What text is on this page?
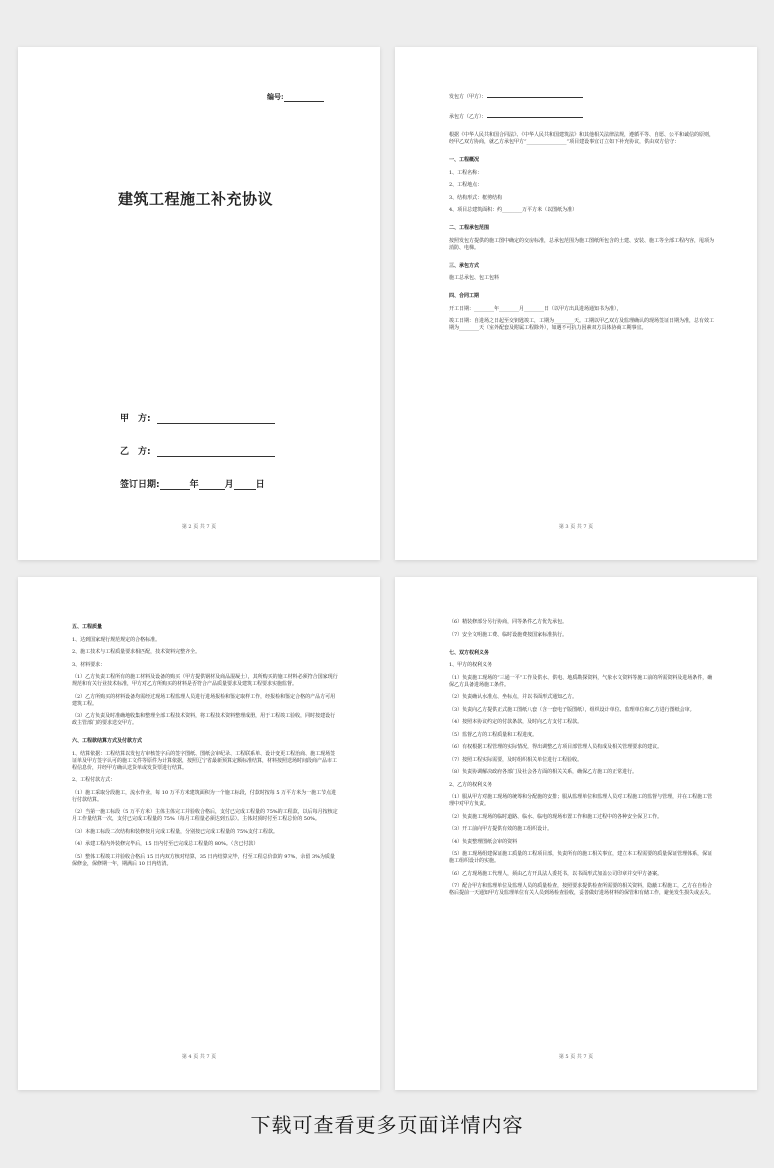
编号:
建筑工程施工补充协议
甲　方:
乙　方:
签订日期:	年	月 日
第 2 页 共 7 页

发包方（甲方）：

承包方（乙方）：

根据《中华人民共和国合同法》、《中华人民共和国建筑法》和其他相关法律法规，遵循平等、自愿、公平和诚信的原则，经甲乙双方协商，就乙方承包甲方“________________”项目建设事宜订立如下补充协议，供由双方信守：

一、工程概况

1、工程名称：

2、工程地点：

3、结构形式：框剪结构

4、项目总建筑面积：约________万平方米（以图纸为准）

二、工程承包范围

按照发包方提供的施工图中确定的交房标准，总承包范围为施工图纸所包含的土建、安装、施工等全部工程内容，甩项为消防、电梯。

三、承包方式

施工总承包、包工包料

四、合同工期

开工日期：________年________月________日（以甲方出具进场通知书为准），

竣工日期：自进场之日起至交钥匙竣工，工期为________天。工期以甲乙双方及监理确认的现场签证日期为准，总有效工期为________天（室外配套及附属工程除外），如遇不可抗力因素双方具体协商工期事宜。

第 3 页 共 7 页

五、工程质量

1、达到国家现行规范规定的合格标准。

2、施工技术与工程质量要求相匹配，技术资料完整齐全。

3、材料要求：

（1）乙方负责工程所有的施工材料及设备的购买（甲方提供钢材及商品混凝土），其所购买的施工材料必须符合国家现行规范和有关行业技术标准，甲方对乙方所购买的材料是否符合产品质量要求及建筑工程要求实施监督。

（2）乙方所购买的材料设备均需经过现场工程监理人员进行进场报检和鉴定取样工作，经报检和鉴定合格的产品方可用建筑工程。

（3）乙方负责及时准确地收集和整理全部工程技术资料，将工程技术资料整理成册，用于工程竣工验收，同时按建设行政主管部门的要求送交甲方。

六、工程款结算方式及付款方式

1、结算依据：工程结算以发包方审核签字后的签字图纸、图纸会审纪录、工程联系单、设计变更工程治商、施工现场签证单及甲方签字认可的施工文件等原件为计算依据，按照辽宁省最新预算定额标准结算，材料按照送场时间段商产品市工程信息价，并经甲方确认送货单或发货票进行结算。

2、工程付款方式：

（1）施工采取分段施工，流水作业，每 10 万平方米建筑面积为一个施工标段，付款时按每 5 万平方米为一施工节点进行付款结算。

（2）当第一施工标段（5 万平方米）主体主体完工并验收合格后，支付已完成工程量的 75%的工程款，以后每月按核定月工作量结算一次，支付已完成工程量的 75%（每月工程量必须达到五层）。主体封顶时付至工程总价的 50%。

（3）本施工标段二次结构和装修按月完成工程量，分别按已完成工程量的 75%支付工程款。

（4）承建工程内外装修完毕后，15 日内付至已完成总工程量的 80%。（含已付款）

（5）整体工程竣工并验收合格后 15 日内双方核对结算，35 日内结算完毕，付至工程总价款的 97%，余留 3%为质量保修金，保修期一年，期满后 10 日内结清。

第 4 页 共 7 页

（6）精装修部分另行协商，同等条件乙方优先承包。

（7）安全文明施工费、临时设施费按国家标准执行。

七、双方权利义务

1、甲方的权利义务

（1）负责施工现场的“三通一平”工作及供水、供电、地质勘探资料，气象水文资料等施工前的所需资料及进场条件，确保乙方具备进场施工条件。

（2）负责确认水准点、坐标点，并以书面形式通知乙方。

（3）负责向乙方提供正式施工图纸八套（含一套电子版图纸），组织设计单位、监理单位和乙方进行图纸会审。

（4）按照本协议约定的付款条款，及时向乙方支付工程款。

（5）监督乙方的工程质量和工程进度。

（6）有权根据工程管理的实际情况，得出调整乙方项目部管理人员构成及相关管理要求的建议。

（7）按照工程实际需要，及时组织相关单位进行工程验收。

（8）负责协调解决政府各部门及社会各方面的相关关系，确保乙方施工的正常进行。

2、乙方的权利义务

（1）服从甲方对施工现场的统筹和分配施的安排；服从监理单位和监理人员对工程施工的监督与管理，并在工程施工管理中对甲方负责。

（2）负责施工现场的临时道路、临水、临电的现场布置工作和施工过程中的各种安全保卫工作。

（3）开工前向甲方提供有效的施工组织设计。

（4）负责整理图纸会审的资料

（5）施工现场组建保证施工质量的工程项目部，负责所有的施工相关事宜，建立本工程需要的质量保证管理体系，保证施工组织设计的实施。

（6）乙方现场施工代理人，须由乙方开具法人委托书，以书面形式加盖公司印章并交甲方备案。

（7）配合甲方和监理单位及监理人员的质量检查，按照要求提供检查所需要的相关资料，隐蔽工程施工，乙方在自检合格后提前一天通知甲方及监理单位有关人员到场检查验收，妥善做好进场材料的保管和有储工作，避免发生损失或丢失。

第 5 页 共 7 页
下载可查看更多页面详情内容
